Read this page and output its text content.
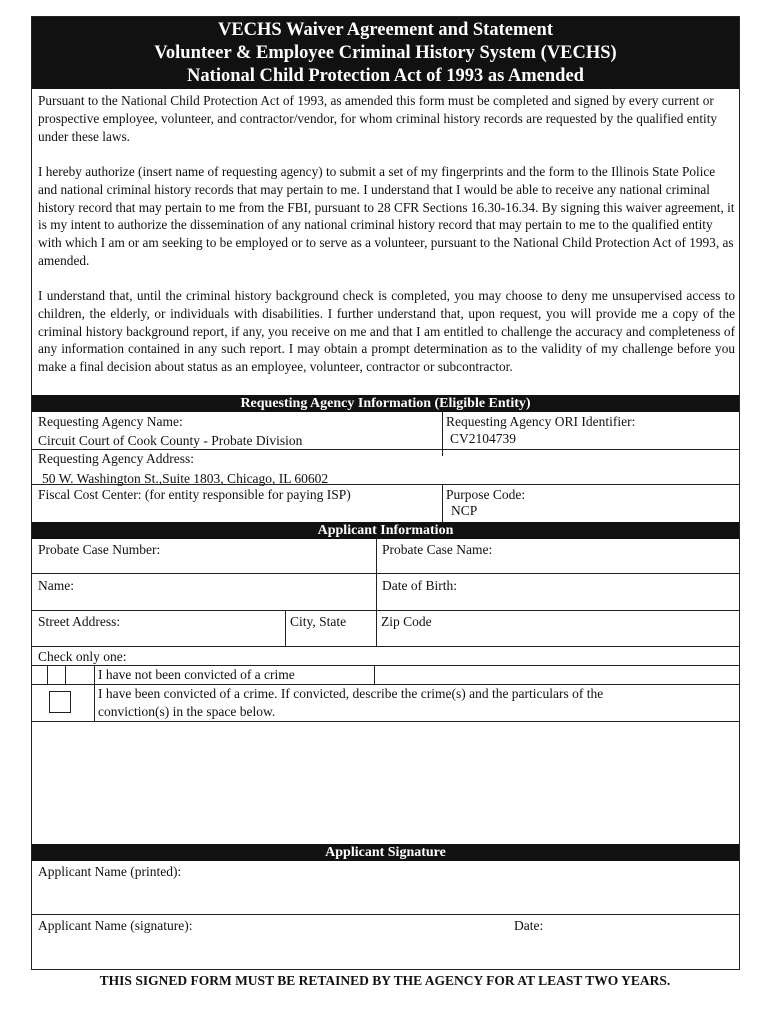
VECHS Waiver Agreement and Statement
Volunteer & Employee Criminal History System (VECHS)
National Child Protection Act of 1993 as Amended
Pursuant to the National Child Protection Act of 1993, as amended this form must be completed and signed by every current or prospective employee, volunteer, and contractor/vendor, for whom criminal history records are requested by the qualified entity under these laws.
I hereby authorize (insert name of requesting agency) to submit a set of my fingerprints and the form to the Illinois State Police and national criminal history records that may pertain to me. I understand that I would be able to receive any national criminal history record that may pertain to me from the FBI, pursuant to 28 CFR Sections 16.30-16.34. By signing this waiver agreement, it is my intent to authorize the dissemination of any national criminal history record that may pertain to me to the qualified entity with which I am or am seeking to be employed or to serve as a volunteer, pursuant to the National Child Protection Act of 1993, as amended.
I understand that, until the criminal history background check is completed, you may choose to deny me unsupervised access to children, the elderly, or individuals with disabilities. I further understand that, upon request, you will provide me a copy of the criminal history background report, if any, you receive on me and that I am entitled to challenge the accuracy and completeness of any information contained in any such report. I may obtain a prompt determination as to the validity of my challenge before you make a final decision about status as an employee, volunteer, contractor or subcontractor.
Requesting Agency Information (Eligible Entity)
Requesting Agency Name:
Circuit Court of Cook County - Probate Division
Requesting Agency ORI Identifier:
CV2104739
Requesting Agency Address:
50 W. Washington St.,Suite 1803, Chicago, IL 60602
Fiscal Cost Center: (for entity responsible for paying ISP)	Purpose Code:
NCP
Applicant Information
Probate Case Number:	Probate Case Name:
Name:	Date of Birth:
Street Address:	City, State	Zip Code
Check only one:
I have not been convicted of a crime
I have been convicted of a crime. If convicted, describe the crime(s) and the particulars of the
conviction(s) in the space below.
Applicant Signature
Applicant Name (printed):
Applicant Name (signature):	Date:
THIS SIGNED FORM MUST BE RETAINED BY THE AGENCY FOR AT LEAST TWO YEARS.
